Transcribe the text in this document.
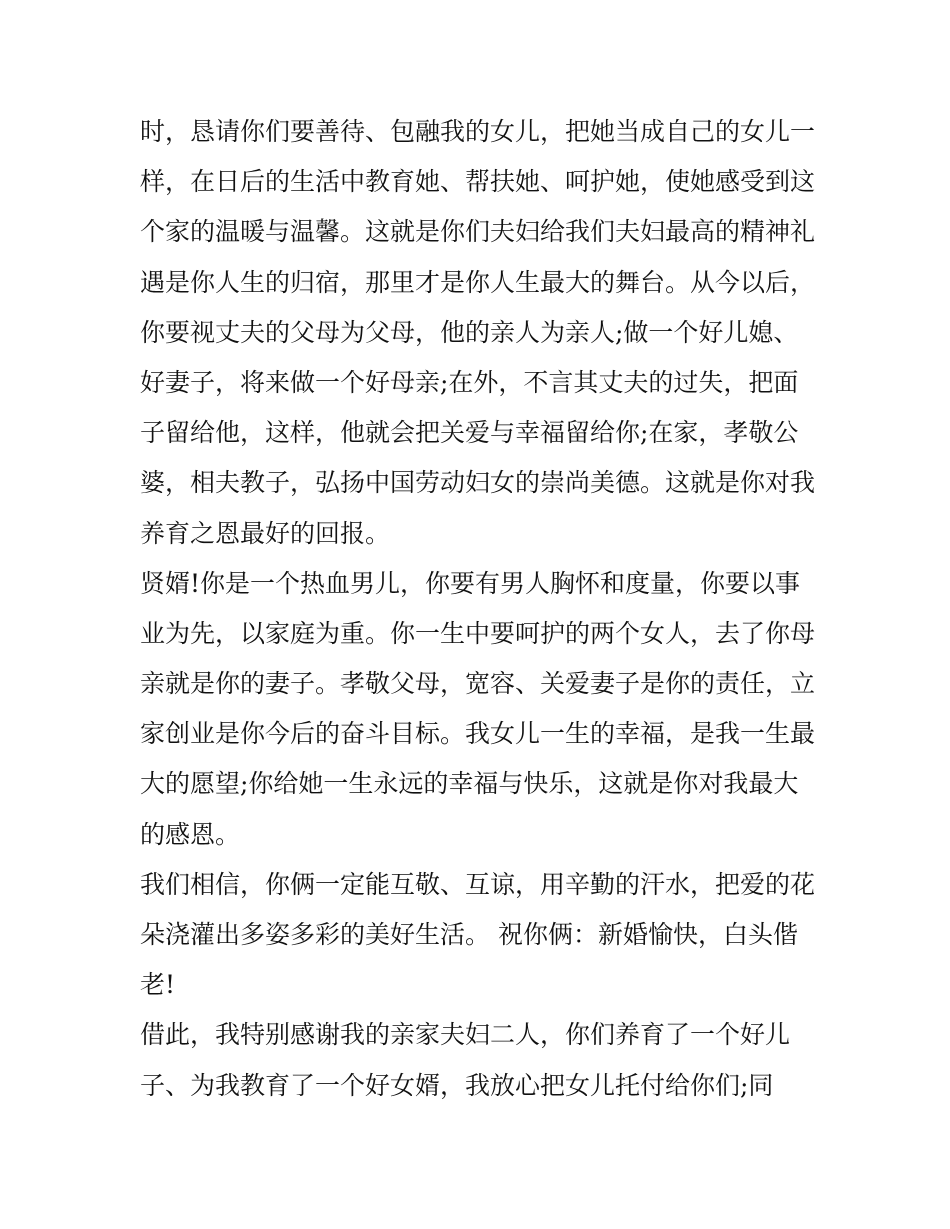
时，恳请你们要善待、包融我的女儿，把她当成自己的女儿一
样，在日后的生活中教育她、帮扶她、呵护她，使她感受到这
个家的温暖与温馨。这就是你们夫妇给我们夫妇最高的精神礼
遇是你人生的归宿，那里才是你人生最大的舞台。从今以后，
你要视丈夫的父母为父母，他的亲人为亲人;做一个好儿媳、
好妻子，将来做一个好母亲;在外，不言其丈夫的过失，把面
子留给他，这样，他就会把关爱与幸福留给你;在家，孝敬公
婆，相夫教子，弘扬中国劳动妇女的崇尚美德。这就是你对我
养育之恩最好的回报。
贤婿!你是一个热血男儿，你要有男人胸怀和度量，你要以事
业为先，以家庭为重。你一生中要呵护的两个女人，去了你母
亲就是你的妻子。孝敬父母，宽容、关爱妻子是你的责任，立
家创业是你今后的奋斗目标。我女儿一生的幸福，是我一生最
大的愿望;你给她一生永远的幸福与快乐，这就是你对我最大
的感恩。
我们相信，你俩一定能互敬、互谅，用辛勤的汗水，把爱的花
朵浇灌出多姿多彩的美好生活。 祝你俩：新婚愉快，白头偕
老!
借此，我特别感谢我的亲家夫妇二人，你们养育了一个好儿
子、为我教育了一个好女婿，我放心把女儿托付给你们;同
